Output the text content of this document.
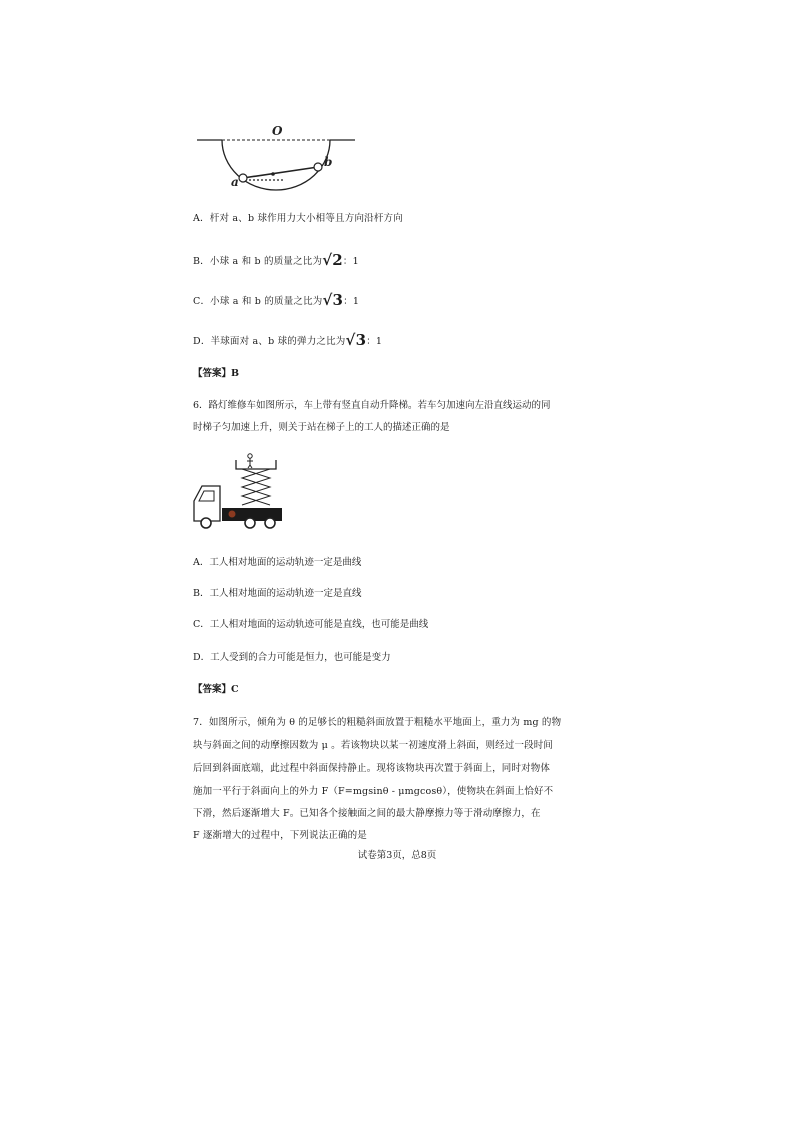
O
a
b
A．杆对 a、b 球作用力大小相等且方向沿杆方向
B．小球 a 和 b 的质量之比为√2：1
C．小球 a 和 b 的质量之比为√3：1
D．半球面对 a、b 球的弹力之比为√3：1
【答案】B
6．路灯维修车如图所示，车上带有竖直自动升降梯。若车匀加速向左沿直线运动的同
时梯子匀加速上升，则关于站在梯子上的工人的描述正确的是
A．工人相对地面的运动轨迹一定是曲线
B．工人相对地面的运动轨迹一定是直线
C．工人相对地面的运动轨迹可能是直线，也可能是曲线
D．工人受到的合力可能是恒力，也可能是变力
【答案】C
7．如图所示，倾角为 θ 的足够长的粗糙斜面放置于粗糙水平地面上，重力为 mg 的物
块与斜面之间的动摩擦因数为 μ 。若该物块以某一初速度滑上斜面，则经过一段时间
后回到斜面底端，此过程中斜面保持静止。现将该物块再次置于斜面上，同时对物体
施加一平行于斜面向上的外力 F（F=mgsinθ - μmgcosθ），使物块在斜面上恰好不
下滑，然后逐渐增大 F。已知各个接触面之间的最大静摩擦力等于滑动摩擦力，在
F 逐渐增大的过程中，下列说法正确的是
试卷第3页，总8页
